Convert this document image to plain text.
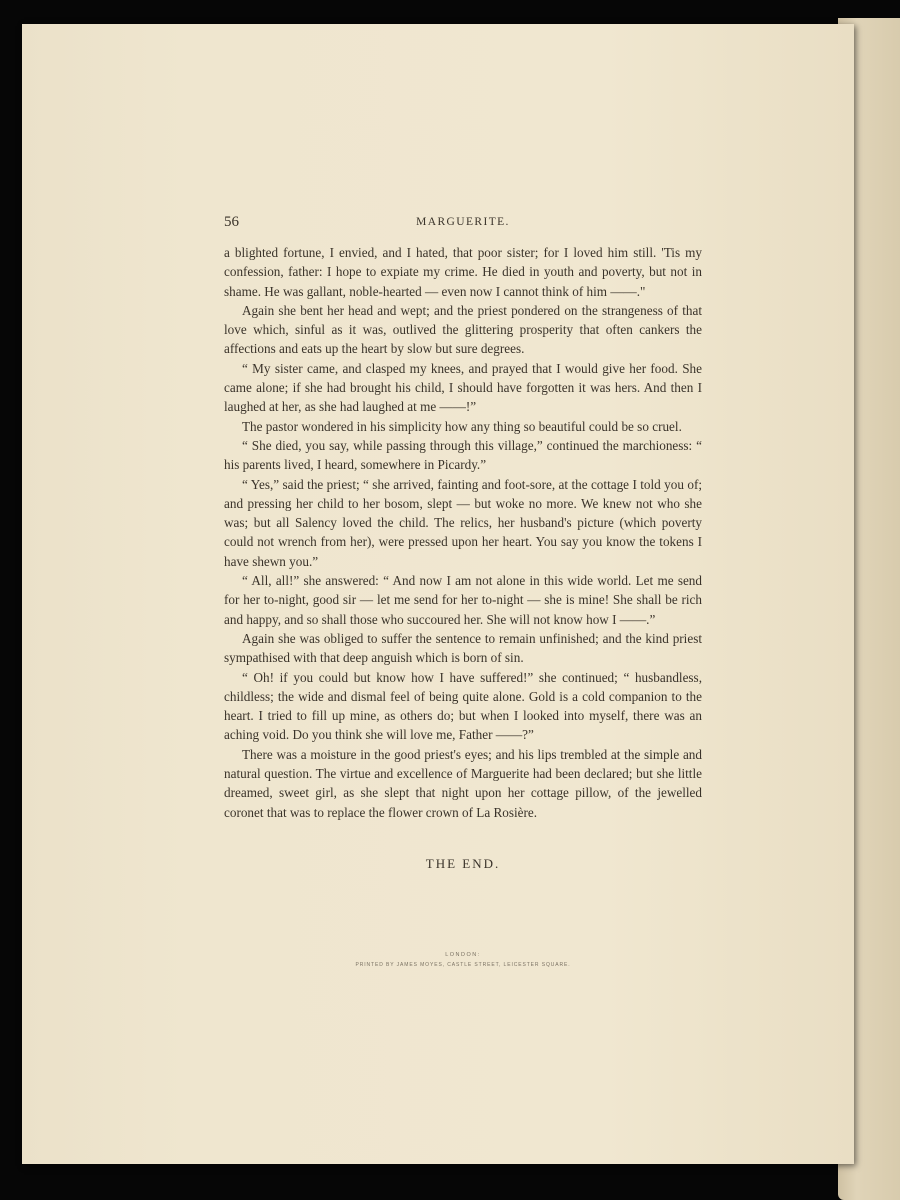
56	MARGUERITE.

a blighted fortune, I envied, and I hated, that poor sister; for I loved him still. 'Tis my confession, father: I hope to expiate my crime. He died in youth and poverty, but not in shame. He was gallant, noble-hearted — even now I cannot think of him ——."

Again she bent her head and wept; and the priest pondered on the strangeness of that love which, sinful as it was, outlived the glittering prosperity that often cankers the affections and eats up the heart by slow but sure degrees.

“ My sister came, and clasped my knees, and prayed that I would give her food. She came alone; if she had brought his child, I should have forgotten it was hers. And then I laughed at her, as she had laughed at me ——!”

The pastor wondered in his simplicity how any thing so beautiful could be so cruel.

“ She died, you say, while passing through this village,” continued the marchioness: “ his parents lived, I heard, somewhere in Picardy.”

“ Yes,” said the priest; “ she arrived, fainting and foot-sore, at the cottage I told you of; and pressing her child to her bosom, slept — but woke no more. We knew not who she was; but all Salency loved the child. The relics, her husband's picture (which poverty could not wrench from her), were pressed upon her heart. You say you know the tokens I have shewn you.”

“ All, all!” she answered: “ And now I am not alone in this wide world. Let me send for her to-night, good sir — let me send for her to-night — she is mine! She shall be rich and happy, and so shall those who succoured her. She will not know how I ——.”

Again she was obliged to suffer the sentence to remain unfinished; and the kind priest sympathised with that deep anguish which is born of sin.

“ Oh! if you could but know how I have suffered!” she continued; “ husbandless, childless; the wide and dismal feel of being quite alone. Gold is a cold companion to the heart. I tried to fill up mine, as others do; but when I looked into myself, there was an aching void. Do you think she will love me, Father ——?”

There was a moisture in the good priest's eyes; and his lips trembled at the simple and natural question. The virtue and excellence of Marguerite had been declared; but she little dreamed, sweet girl, as she slept that night upon her cottage pillow, of the jewelled coronet that was to replace the flower crown of La Rosière.

THE END.
LONDON:
PRINTED BY JAMES MOYES, CASTLE STREET, LEICESTER SQUARE.
